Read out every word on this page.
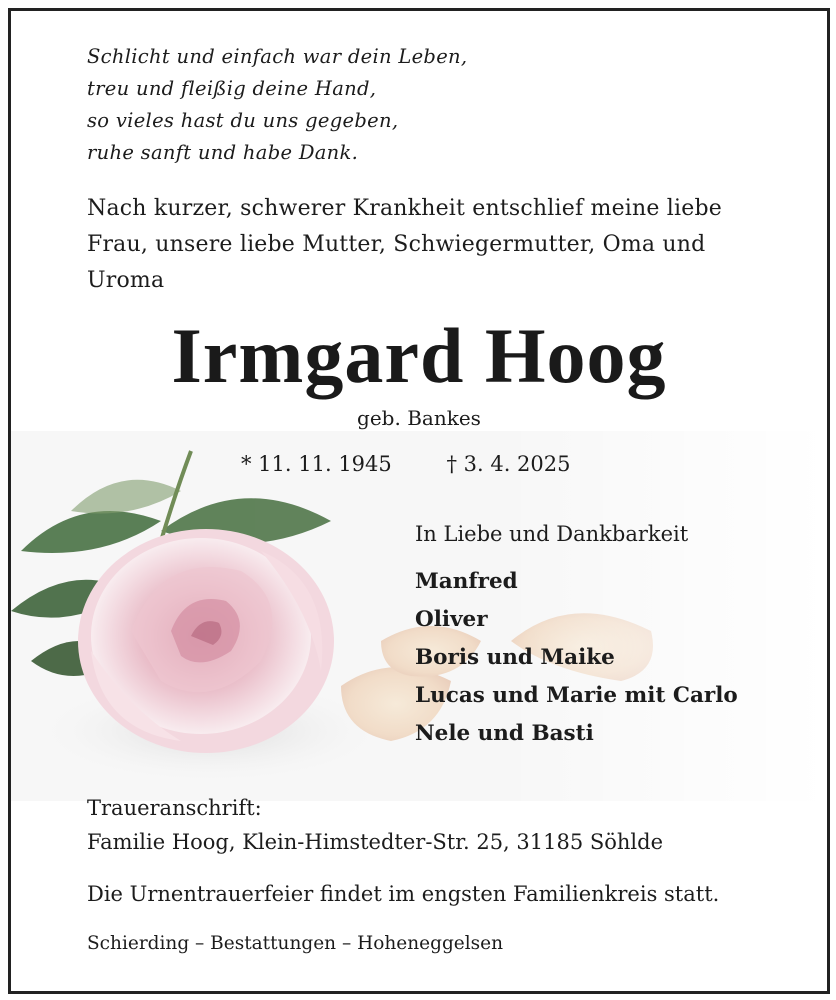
Schlicht und einfach war dein Leben,
treu und fleißig deine Hand,
so vieles hast du uns gegeben,
ruhe sanft und habe Dank.
Nach kurzer, schwerer Krankheit entschlief meine liebe Frau, unsere liebe Mutter, Schwiegermutter, Oma und Uroma
Irmgard Hoog
geb. Bankes
* 11. 11. 1945	† 3. 4. 2025
In Liebe und Dankbarkeit
Manfred
Oliver
Boris und Maike
Lucas und Marie mit Carlo
Nele und Basti
Traueranschrift:
Familie Hoog, Klein-Himstedter-Str. 25, 31185 Söhlde
Die Urnentrauerfeier findet im engsten Familienkreis statt.
Schierding – Bestattungen – Hoheneggelsen
